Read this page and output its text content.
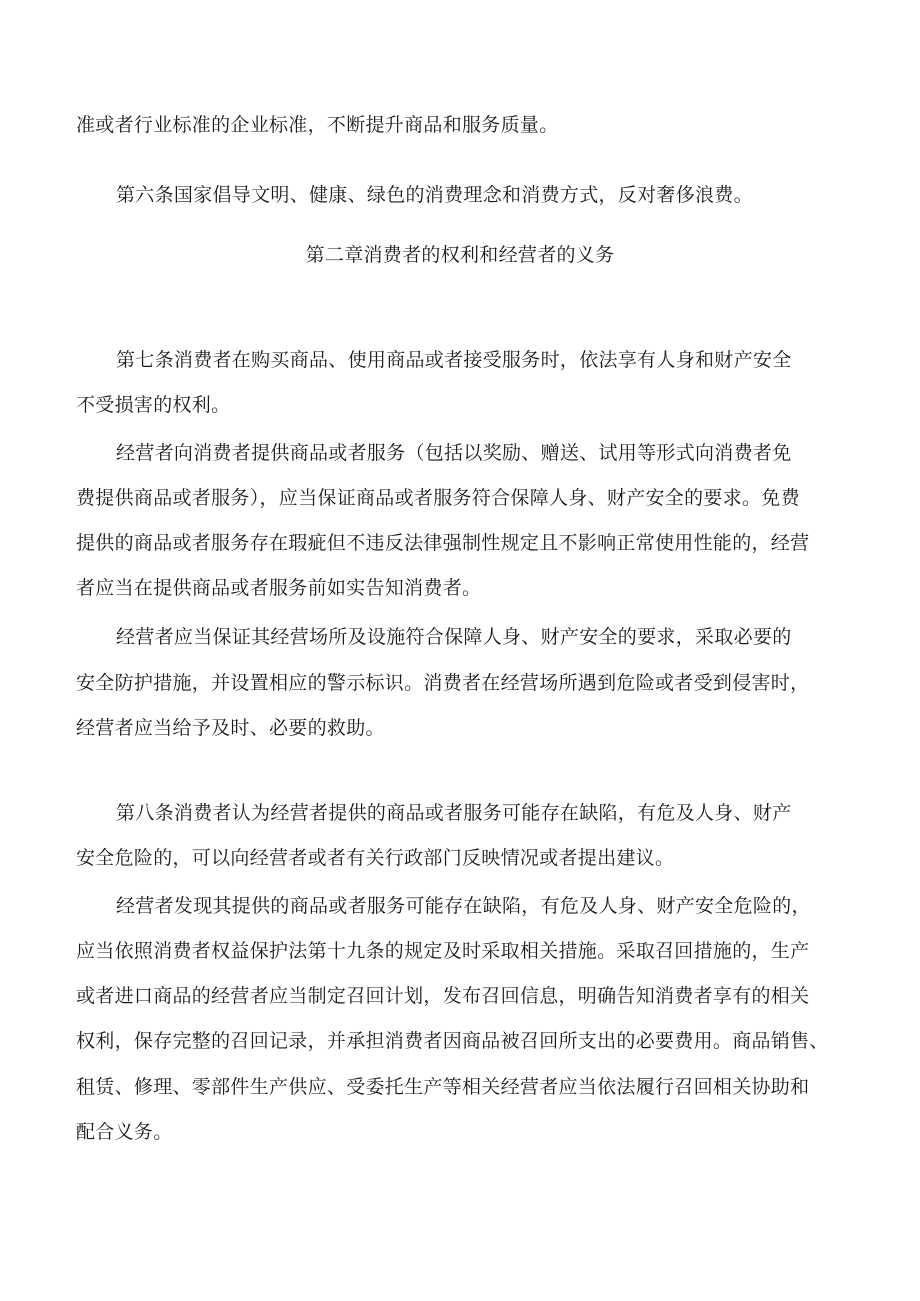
准或者行业标准的企业标准，不断提升商品和服务质量。
第六条国家倡导文明、健康、绿色的消费理念和消费方式，反对奢侈浪费。
第二章消费者的权利和经营者的义务
第七条消费者在购买商品、使用商品或者接受服务时，依法享有人身和财产安全
不受损害的权利。
经营者向消费者提供商品或者服务（包括以奖励、赠送、试用等形式向消费者免
费提供商品或者服务），应当保证商品或者服务符合保障人身、财产安全的要求。免费
提供的商品或者服务存在瑕疵但不违反法律强制性规定且不影响正常使用性能的，经营
者应当在提供商品或者服务前如实告知消费者。
经营者应当保证其经营场所及设施符合保障人身、财产安全的要求，采取必要的
安全防护措施，并设置相应的警示标识。消费者在经营场所遇到危险或者受到侵害时，
经营者应当给予及时、必要的救助。
第八条消费者认为经营者提供的商品或者服务可能存在缺陷，有危及人身、财产
安全危险的，可以向经营者或者有关行政部门反映情况或者提出建议。
经营者发现其提供的商品或者服务可能存在缺陷，有危及人身、财产安全危险的，
应当依照消费者权益保护法第十九条的规定及时采取相关措施。采取召回措施的，生产
或者进口商品的经营者应当制定召回计划，发布召回信息，明确告知消费者享有的相关
权利，保存完整的召回记录，并承担消费者因商品被召回所支出的必要费用。商品销售、
租赁、修理、零部件生产供应、受委托生产等相关经营者应当依法履行召回相关协助和
配合义务。
